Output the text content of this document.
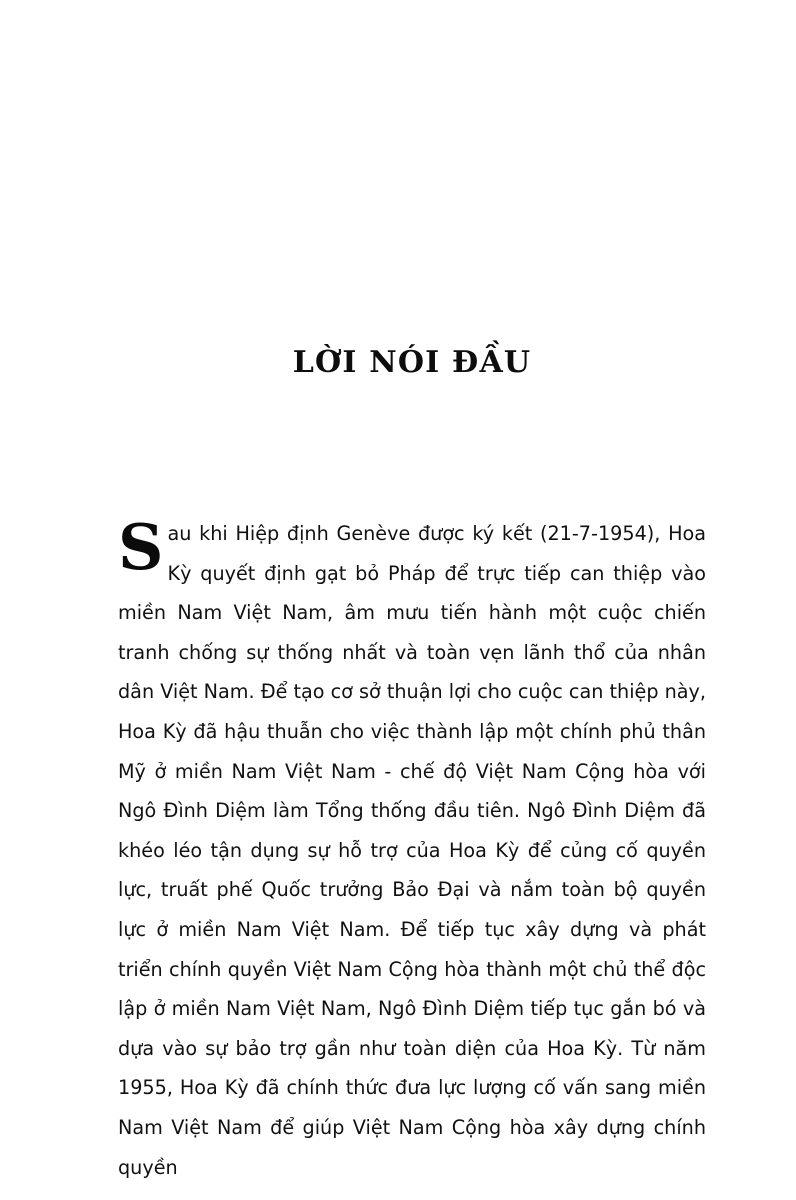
LỜI NÓI ĐẦU
S au khi Hiệp định Genève được ký kết (21-7-1954), Hoa Kỳ quyết định gạt bỏ Pháp để trực tiếp can thiệp vào miền Nam Việt Nam, âm mưu tiến hành một cuộc chiến tranh chống sự thống nhất và toàn vẹn lãnh thổ của nhân dân Việt Nam. Để tạo cơ sở thuận lợi cho cuộc can thiệp này, Hoa Kỳ đã hậu thuẫn cho việc thành lập một chính phủ thân Mỹ ở miền Nam Việt Nam - chế độ Việt Nam Cộng hòa với Ngô Đình Diệm làm Tổng thống đầu tiên. Ngô Đình Diệm đã khéo léo tận dụng sự hỗ trợ của Hoa Kỳ để củng cố quyền lực, truất phế Quốc trưởng Bảo Đại và nắm toàn bộ quyền lực ở miền Nam Việt Nam. Để tiếp tục xây dựng và phát triển chính quyền Việt Nam Cộng hòa thành một chủ thể độc lập ở miền Nam Việt Nam, Ngô Đình Diệm tiếp tục gắn bó và dựa vào sự bảo trợ gần như toàn diện của Hoa Kỳ. Từ năm 1955, Hoa Kỳ đã chính thức đưa lực lượng cố vấn sang miền Nam Việt Nam để giúp Việt Nam Cộng hòa xây dựng chính quyền
